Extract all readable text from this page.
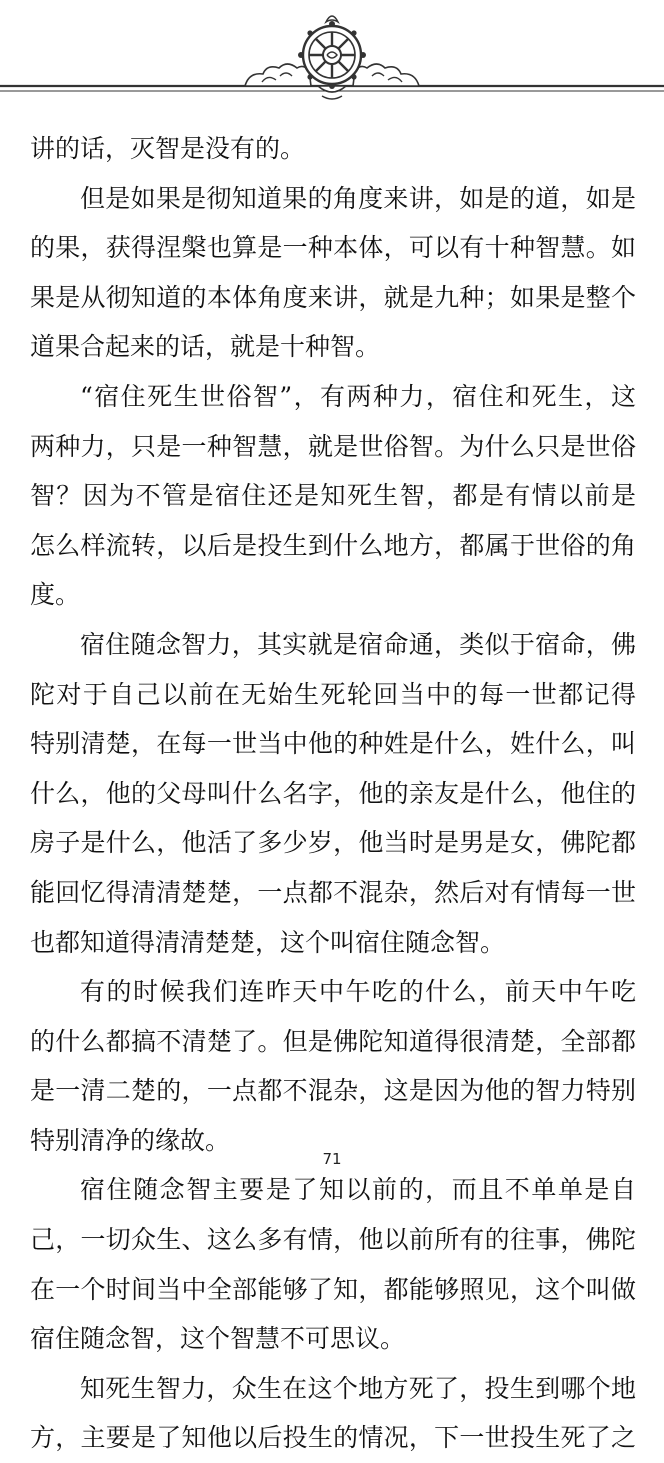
讲的话，灭智是没有的。
但是如果是彻知道果的角度来讲，如是的道，如是
的果，获得涅槃也算是一种本体，可以有十种智慧。如
果是从彻知道的本体角度来讲，就是九种；如果是整个
道果合起来的话，就是十种智。
“宿住死生世俗智”，有两种力，宿住和死生，这
两种力，只是一种智慧，就是世俗智。为什么只是世俗
智？因为不管是宿住还是知死生智，都是有情以前是
怎么样流转，以后是投生到什么地方，都属于世俗的角
度。
宿住随念智力，其实就是宿命通，类似于宿命，佛
陀对于自己以前在无始生死轮回当中的每一世都记得
特别清楚，在每一世当中他的种姓是什么，姓什么，叫
什么，他的父母叫什么名字，他的亲友是什么，他住的
房子是什么，他活了多少岁，他当时是男是女，佛陀都
能回忆得清清楚楚，一点都不混杂，然后对有情每一世
也都知道得清清楚楚，这个叫宿住随念智。
有的时候我们连昨天中午吃的什么，前天中午吃
的什么都搞不清楚了。但是佛陀知道得很清楚，全部都
是一清二楚的，一点都不混杂，这是因为他的智力特别
特别清净的缘故。
宿住随念智主要是了知以前的，而且不单单是自
己，一切众生、这么多有情，他以前所有的往事，佛陀
在一个时间当中全部能够了知，都能够照见，这个叫做
宿住随念智，这个智慧不可思议。
知死生智力，众生在这个地方死了，投生到哪个地
方，主要是了知他以后投生的情况，下一世投生死了之
71
